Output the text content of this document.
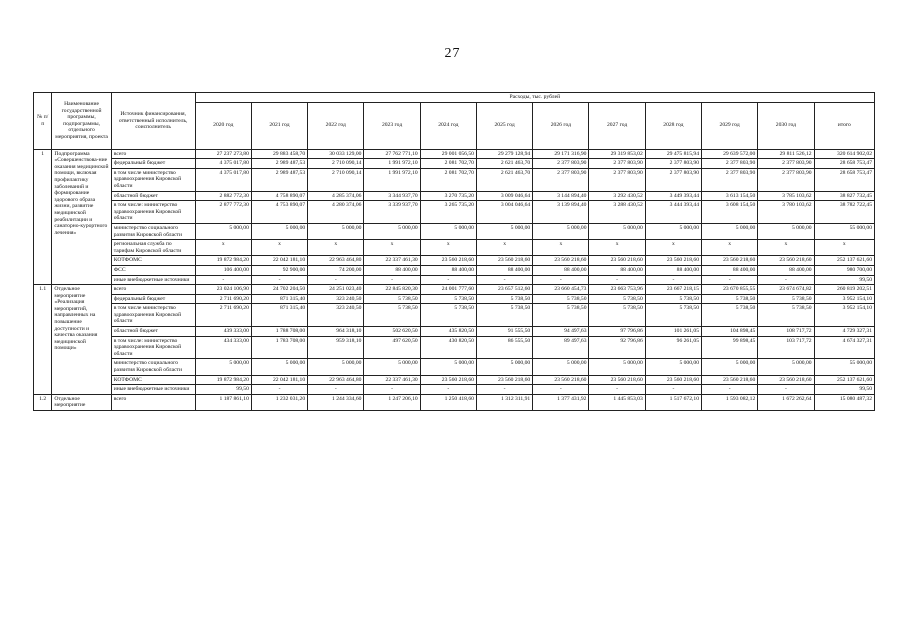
27
№ п/п	Наименование государственной программы, подпрограммы, отдельного мероприятия, проекта	Источник финансирования, ответственный исполнитель, соисполнитель	Расходы, тыс. рублей											
			2020 год	2021 год	2022 год	2023 год	2024 год	2025 год	2026 год	2027 год	2028 год	2029 год	2030 год	итого
1	Подпрограмма «Совершенствова-ние оказания медицинской помощи, включая профилактику заболеваний и формирование здорового образа жизни, развитие медицинской реабилитации и санаторно-курортного лечения»	всего	27 237 273,80	29 883 458,70	30 033 129,00	27 762 771,10	29 001 056,50	29 279 128,94	29 171 316,90	29 319 853,02	29 475 815,94	29 639 572,00	29 811 526,12	320 614 902,02
		федеральный бюджет	4 375 017,80	2 989 487,53	2 710 090,14	1 991 972,10	2 081 702,70	2 621 463,70	2 377 803,90	2 377 803,90	2 377 803,90	2 377 803,90	2 377 803,90	28 658 753,47
		в том числе министерство здравоохранения Кировской области	4 375 017,80	2 989 487,53	2 710 090,14	1 991 972,10	2 081 702,70	2 621 463,70	2 377 803,90	2 377 803,90	2 377 803,90	2 377 803,90	2 377 803,90	28 658 753,47
		областной бюджет	2 882 772,30	4 758 890,07	4 285 374,06	3 344 937,70	3 270 735,20	3 009 046,64	3 144 894,40	3 292 430,52	3 449 393,44	3 613 154,50	3 785 103,62	38 827 732,45
		в том числе: министерство здравоохранения Кировской области	2 877 772,30	4 753 890,07	4 280 374,06	3 339 937,70	3 265 735,20	3 004 046,64	3 139 894,40	3 288 430,52	3 444 393,44	3 608 154,50	3 780 103,62	38 782 722,45
		министерство социального развития Кировской области	5 000,00	5 000,00	5 000,00	5 000,00	5 000,00	5 000,00	5 000,00	5 000,00	5 000,00	5 000,00	5 000,00	55 000,00
		региональная служба по тарифам Кировской области	x	x	x	x	x	x	x	x	x	x	x	x
		КОТФОМС	19 872 984,20	22 042 181,10	22 963 464,80	22 337 461,30	23 560 218,60	23 560 218,60	23 560 218,60	23 560 218,60	23 560 218,60	23 560 218,60	23 560 218,60	252 137 621,60
		ФСС	106 400,00	92 900,00	74 200,00	88 400,00	88 400,00	88 400,00	88 400,00	88 400,00	88 400,00	88 400,00	88 400,00	980 700,00
		иные внебюджетные источники	-	-	-	-	-	-	-	-	-	-	-	99,50
1.1	Отдельное мероприятие «Реализация мероприятий, направленных на повышение доступности и качества оказания медицинской помощи»	всего	23 024 106,90	24 702 204,50	24 251 023,40	22 845 820,30	24 001 777,60	23 657 512,60	23 660 454,73	23 663 753,96	23 667 218,15	23 670 855,55	23 674 674,82	260 819 202,51
		федеральный бюджет	2 711 690,20	871 315,40	323 240,50	5 738,50	5 738,50	5 738,50	5 738,50	5 738,50	5 738,50	5 738,50	5 738,50	3 952 154,10
		в том числе министерство здравоохранения Кировской области	2 711 690,20	871 315,40	323 240,50	5 738,50	5 738,50	5 738,50	5 738,50	5 738,50	5 738,50	5 738,50	5 738,50	3 952 154,10
		областной бюджет	439 333,00	1 788 708,00	964 318,10	502 620,50	435 820,50	91 555,50	94 497,63	97 796,86	101 261,05	104 898,45	108 717,72	4 729 327,31
		в том числе: министерство здравоохранения Кировской области	434 333,00	1 783 708,00	959 318,10	497 620,50	430 820,50	86 555,50	89 497,63	92 796,86	96 261,05	99 898,45	103 717,72	4 674 327,31
		министерство социального развития Кировской области	5 000,00	5 000,00	5 000,00	5 000,00	5 000,00	5 000,00	5 000,00	5 000,00	5 000,00	5 000,00	5 000,00	55 000,00
		КОТФОМС	19 872 984,20	22 042 181,10	22 963 464,80	22 337 461,30	23 560 218,60	23 560 218,60	23 560 218,60	23 560 218,60	23 560 218,60	23 560 218,60	23 560 218,60	252 137 621,60
		иные внебюджетные источники	99,50	-	-	-	-	-	-	-	-	-	-	99,50
1.2	Отдельное мероприятие	всего	1 187 861,10	1 232 031,20	1 244 334,60	1 247 206,10	1 250 418,60	1 312 311,91	1 377 431,92	1 445 853,03	1 517 672,10	1 593 082,12	1 672 262,64	15 080 487,32
